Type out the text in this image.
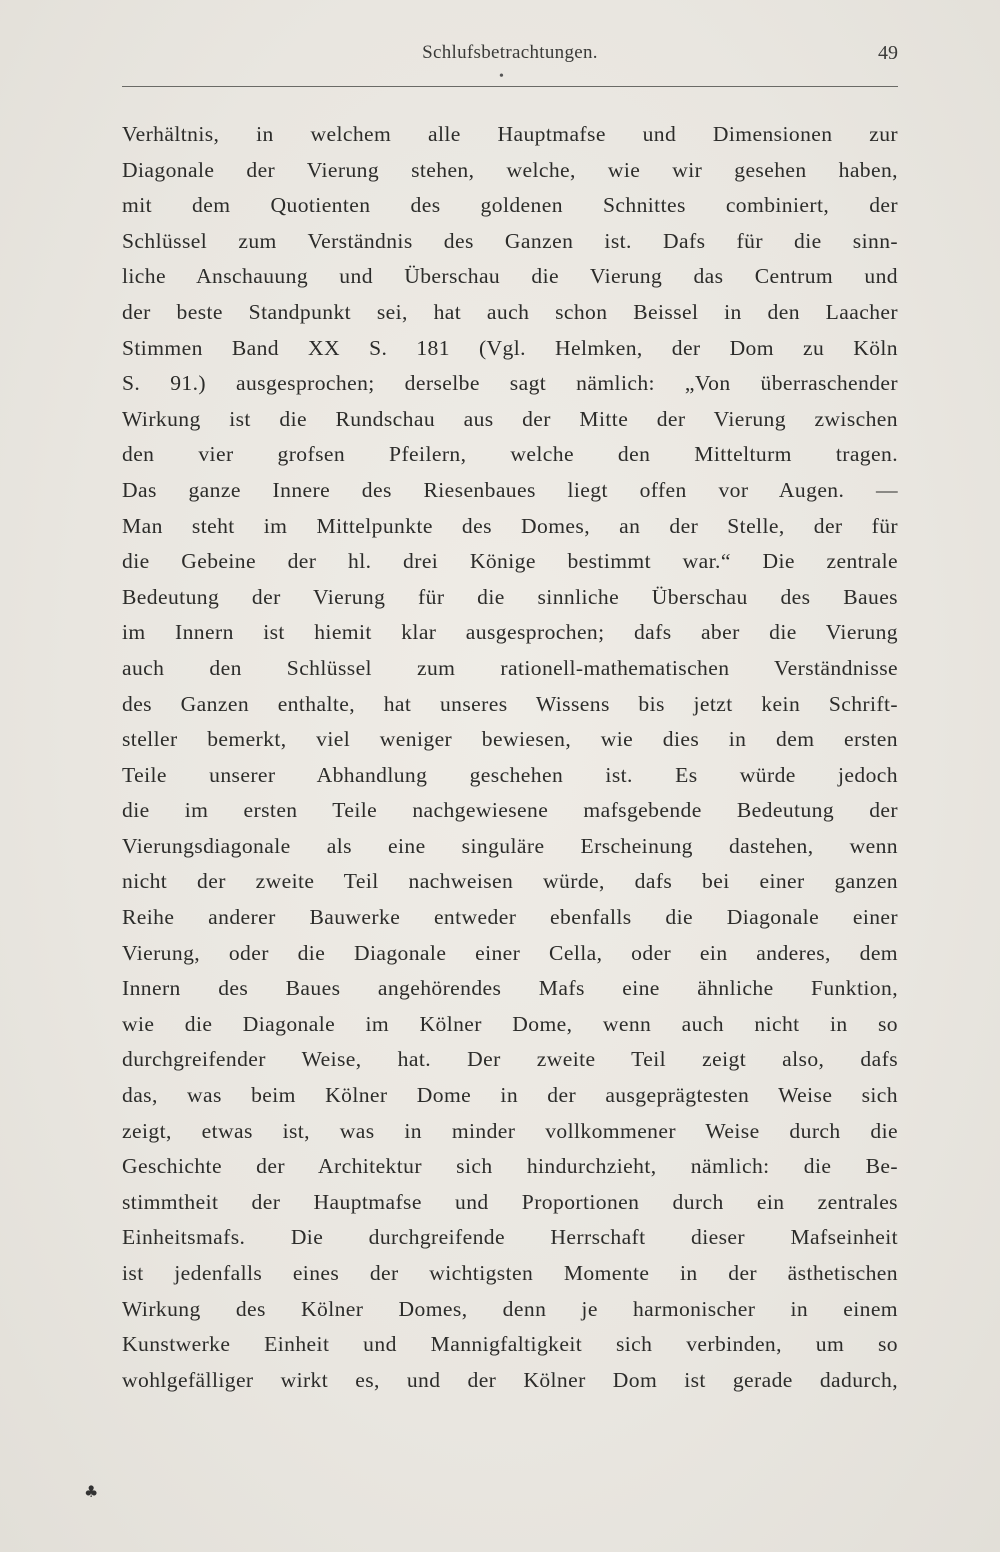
Schlufsbetrachtungen.	49
•
Verhältnis, in welchem alle Hauptmafse und Dimensionen zur
Diagonale der Vierung stehen, welche, wie wir gesehen haben,
mit dem Quotienten des goldenen Schnittes combiniert, der
Schlüssel zum Verständnis des Ganzen ist. Dafs für die sinn-
liche Anschauung und Überschau die Vierung das Centrum und
der beste Standpunkt sei, hat auch schon Beissel in den Laacher
Stimmen Band XX S. 181 (Vgl. Helmken, der Dom zu Köln
S. 91.) ausgesprochen; derselbe sagt nämlich: „Von überraschender
Wirkung ist die Rundschau aus der Mitte der Vierung zwischen
den vier grofsen Pfeilern, welche den Mittelturm tragen.
Das ganze Innere des Riesenbaues liegt offen vor Augen. —
Man steht im Mittelpunkte des Domes, an der Stelle, der für
die Gebeine der hl. drei Könige bestimmt war.“ Die zentrale
Bedeutung der Vierung für die sinnliche Überschau des Baues
im Innern ist hiemit klar ausgesprochen; dafs aber die Vierung
auch den Schlüssel zum rationell-mathematischen Verständnisse
des Ganzen enthalte, hat unseres Wissens bis jetzt kein Schrift-
steller bemerkt, viel weniger bewiesen, wie dies in dem ersten
Teile unserer Abhandlung geschehen ist. Es würde jedoch
die im ersten Teile nachgewiesene mafsgebende Bedeutung der
Vierungsdiagonale als eine singuläre Erscheinung dastehen, wenn
nicht der zweite Teil nachweisen würde, dafs bei einer ganzen
Reihe anderer Bauwerke entweder ebenfalls die Diagonale einer
Vierung, oder die Diagonale einer Cella, oder ein anderes, dem
Innern des Baues angehörendes Mafs eine ähnliche Funktion,
wie die Diagonale im Kölner Dome, wenn auch nicht in so
durchgreifender Weise, hat. Der zweite Teil zeigt also, dafs
das, was beim Kölner Dome in der ausgeprägtesten Weise sich
zeigt, etwas ist, was in minder vollkommener Weise durch die
Geschichte der Architektur sich hindurchzieht, nämlich: die Be-
stimmtheit der Hauptmafse und Proportionen durch ein zentrales
Einheitsmafs. Die durchgreifende Herrschaft dieser Mafseinheit
ist jedenfalls eines der wichtigsten Momente in der ästhetischen
Wirkung des Kölner Domes, denn je harmonischer in einem
Kunstwerke Einheit und Mannigfaltigkeit sich verbinden, um so
wohlgefälliger wirkt es, und der Kölner Dom ist gerade dadurch,
♣
